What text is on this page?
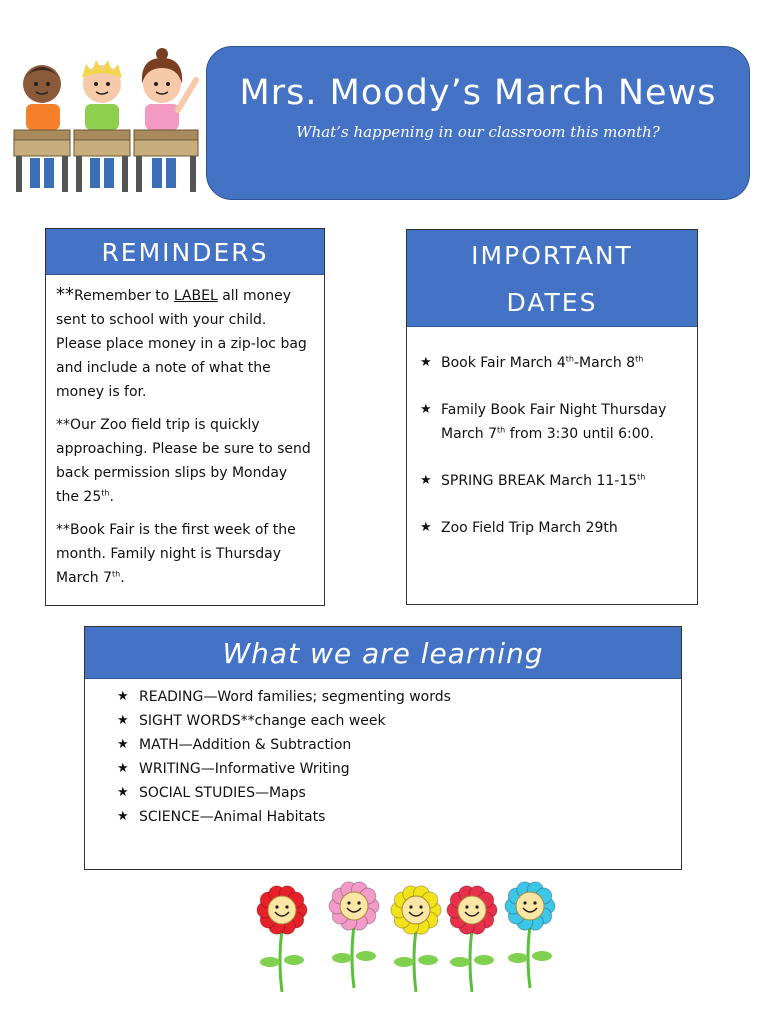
Mrs. Moody’s March News
What’s happening in our classroom this month?
REMINDERS

**Remember to LABEL all money sent to school with your child. Please place money in a zip-loc bag and include a note of what the money is for.

**Our Zoo field trip is quickly approaching. Please be sure to send back permission slips by Monday the 25th.

**Book Fair is the first week of the month. Family night is Thursday March 7th.

IMPORTANT
DATES
★ Book Fair March 4th-March 8th
★ Family Book Fair Night Thursday March 7th from 3:30 until 6:00.
★ SPRING BREAK March 11-15th
★ Zoo Field Trip March 29th
What we are learning
★ READING—Word families; segmenting words
★ SIGHT WORDS**change each week
★ MATH—Addition & Subtraction
★ WRITING—Informative Writing
★ SOCIAL STUDIES—Maps
★ SCIENCE—Animal Habitats
